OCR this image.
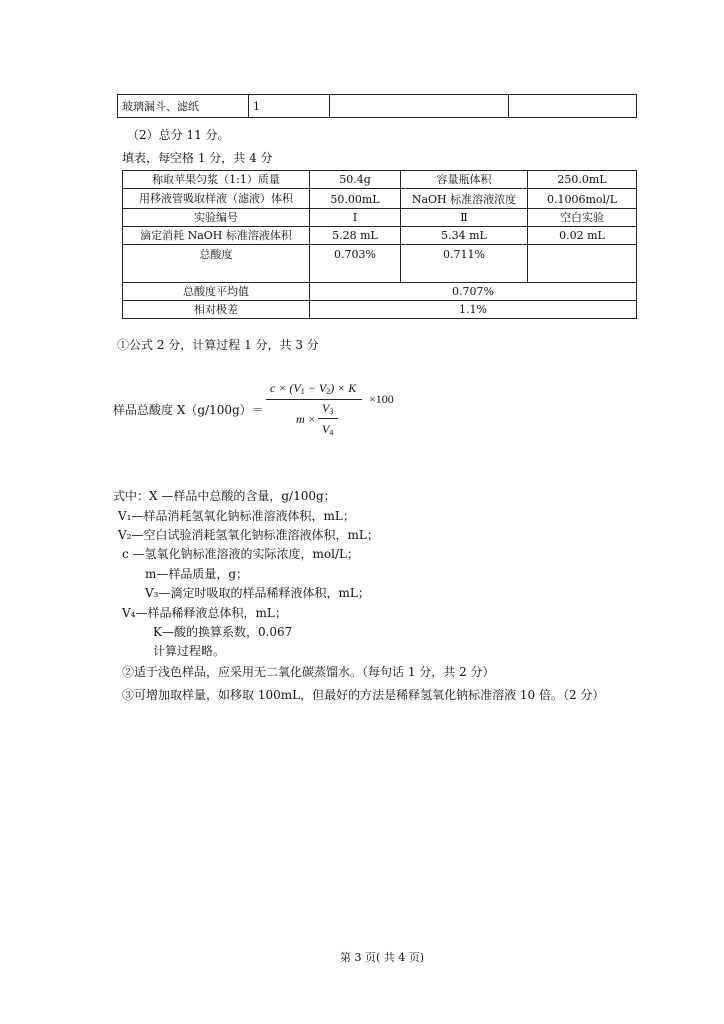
玻璃漏斗、滤纸	1		
（2）总分 11 分。
填表，每空格 1 分，共 4 分
称取苹果匀浆（1:1）质量	50.4g	容量瓶体积	250.0mL
用移液管吸取样液（滤液）体积	50.00mL	NaOH 标准溶液浓度	0.1006mol/L
实验编号	Ⅰ	Ⅱ	空白实验
滴定消耗 NaOH 标准溶液体积	5.28 mL	5.34 mL	0.02 mL
总酸度	0.703%	0.711%	
总酸度平均值	0.707%		
相对极差	1.1%		
①公式 2 分，计算过程 1 分，共 3 分
样品总酸度 X（g/100g）＝
$c \times (V_1 - V_2) \times K$
×100
m ×
$V_3$
$V_4$
式中：X —样品中总酸的含量，g/100g；
V₁—样品消耗氢氧化钠标准溶液体积，mL；
V₂—空白试验消耗氢氧化钠标准溶液体积，mL；
c —氢氧化钠标准溶液的实际浓度，mol/L；
m—样品质量，g；
V₃—滴定时吸取的样品稀释液体积，mL；
V₄—样品稀释液总体积，mL；
K—酸的换算系数，0.067
计算过程略。
②适于浅色样品，应采用无二氧化碳蒸馏水。（每句话 1 分，共 2 分）
③可增加取样量，如移取 100mL，但最好的方法是稀释氢氧化钠标准溶液 10 倍。（2 分）
第 3 页( 共 4 页)
